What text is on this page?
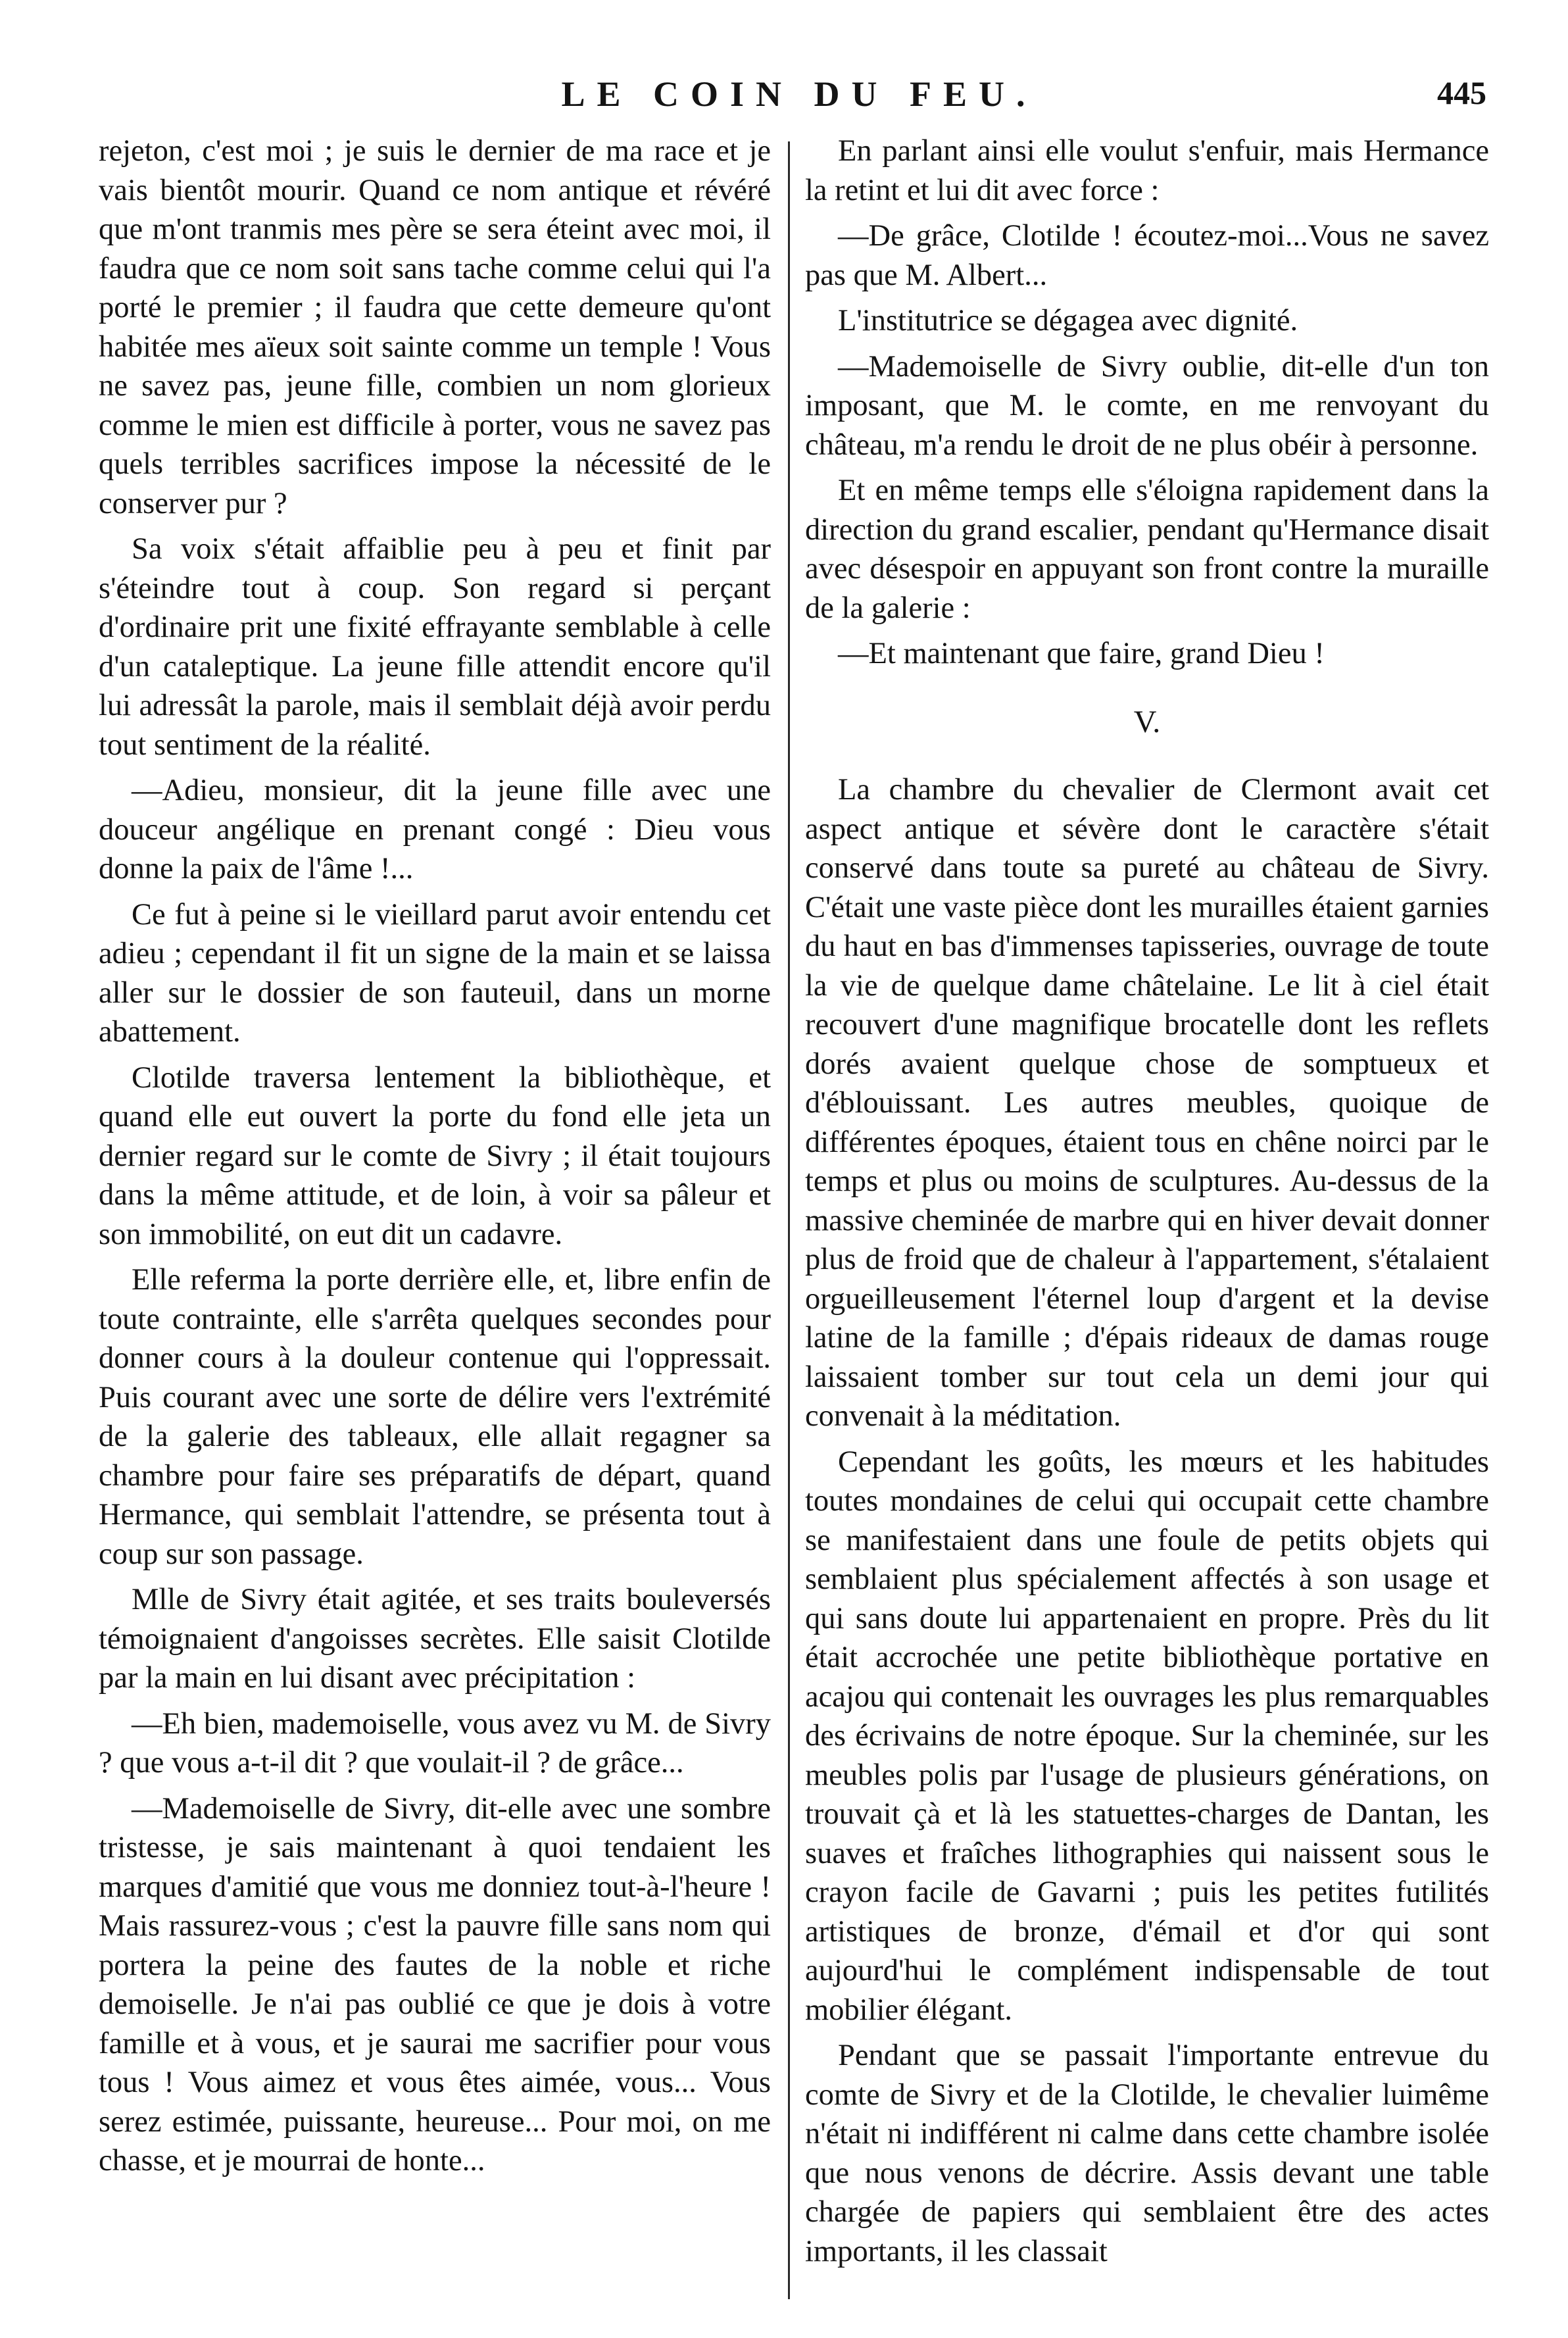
LE COIN DU FEU.	445

rejeton, c'est moi ; je suis le dernier de ma race et je vais bientôt mourir. Quand ce nom antique et révéré que m'ont tranmis mes père se sera éteint avec moi, il faudra que ce nom soit sans tache comme celui qui l'a porté le premier ; il faudra que cette demeure qu'ont habitée mes aïeux soit sainte comme un temple ! Vous ne savez pas, jeune fille, combien un nom glorieux comme le mien est difficile à porter, vous ne savez pas quels terribles sacrifices impose la nécessité de le conserver pur ?

Sa voix s'était affaiblie peu à peu et finit par s'éteindre tout à coup. Son regard si perçant d'ordinaire prit une fixité effrayante semblable à celle d'un cataleptique. La jeune fille attendit encore qu'il lui adressât la parole, mais il semblait déjà avoir perdu tout sentiment de la réalité.

—Adieu, monsieur, dit la jeune fille avec une douceur angélique en prenant congé : Dieu vous donne la paix de l'âme !...

Ce fut à peine si le vieillard parut avoir entendu cet adieu ; cependant il fit un signe de la main et se laissa aller sur le dossier de son fauteuil, dans un morne abattement.

Clotilde traversa lentement la bibliothèque, et quand elle eut ouvert la porte du fond elle jeta un dernier regard sur le comte de Sivry ; il était toujours dans la même attitude, et de loin, à voir sa pâleur et son immobilité, on eut dit un cadavre.

Elle referma la porte derrière elle, et, libre enfin de toute contrainte, elle s'arrêta quelques secondes pour donner cours à la douleur contenue qui l'oppressait. Puis courant avec une sorte de délire vers l'extrémité de la galerie des tableaux, elle allait regagner sa chambre pour faire ses préparatifs de départ, quand Hermance, qui semblait l'attendre, se présenta tout à coup sur son passage.

Mlle de Sivry était agitée, et ses traits bouleversés témoignaient d'angoisses secrètes. Elle saisit Clotilde par la main en lui disant avec précipitation :

—Eh bien, mademoiselle, vous avez vu M. de Sivry ? que vous a-t-il dit ? que voulait-il ? de grâce...

—Mademoiselle de Sivry, dit-elle avec une sombre tristesse, je sais maintenant à quoi tendaient les marques d'amitié que vous me donniez tout-à-l'heure ! Mais rassurez-vous ; c'est la pauvre fille sans nom qui portera la peine des fautes de la noble et riche demoiselle. Je n'ai pas oublié ce que je dois à votre famille et à vous, et je saurai me sacrifier pour vous tous ! Vous aimez et vous êtes aimée, vous... Vous serez estimée, puissante, heureuse... Pour moi, on me chasse, et je mourrai de honte...

En parlant ainsi elle voulut s'enfuir, mais Hermance la retint et lui dit avec force :

—De grâce, Clotilde ! écoutez-moi...Vous ne savez pas que M. Albert...

L'institutrice se dégagea avec dignité.

—Mademoiselle de Sivry oublie, dit-elle d'un ton imposant, que M. le comte, en me renvoyant du château, m'a rendu le droit de ne plus obéir à personne.

Et en même temps elle s'éloigna rapidement dans la direction du grand escalier, pendant qu'Hermance disait avec désespoir en appuyant son front contre la muraille de la galerie :

—Et maintenant que faire, grand Dieu !

V.

La chambre du chevalier de Clermont avait cet aspect antique et sévère dont le caractère s'était conservé dans toute sa pureté au château de Sivry. C'était une vaste pièce dont les murailles étaient garnies du haut en bas d'immenses tapisseries, ouvrage de toute la vie de quelque dame châtelaine. Le lit à ciel était recouvert d'une magnifique brocatelle dont les reflets dorés avaient quelque chose de somptueux et d'éblouissant. Les autres meubles, quoique de différentes époques, étaient tous en chêne noirci par le temps et plus ou moins de sculptures. Au-dessus de la massive cheminée de marbre qui en hiver devait donner plus de froid que de chaleur à l'appartement, s'étalaient orgueilleusement l'éternel loup d'argent et la devise latine de la famille ; d'épais rideaux de damas rouge laissaient tomber sur tout cela un demi jour qui convenait à la méditation.

Cependant les goûts, les mœurs et les habitudes toutes mondaines de celui qui occupait cette chambre se manifestaient dans une foule de petits objets qui semblaient plus spécialement affectés à son usage et qui sans doute lui appartenaient en propre. Près du lit était accrochée une petite bibliothèque portative en acajou qui contenait les ouvrages les plus remarquables des écrivains de notre époque. Sur la cheminée, sur les meubles polis par l'usage de plusieurs générations, on trouvait çà et là les statuettes-charges de Dantan, les suaves et fraîches lithographies qui naissent sous le crayon facile de Gavarni ; puis les petites futilités artistiques de bronze, d'émail et d'or qui sont aujourd'hui le complément indispensable de tout mobilier élégant.

Pendant que se passait l'importante entrevue du comte de Sivry et de la Clotilde, le chevalier luimême n'était ni indifférent ni calme dans cette chambre isolée que nous venons de décrire. Assis devant une table chargée de papiers qui semblaient être des actes importants, il les classait
